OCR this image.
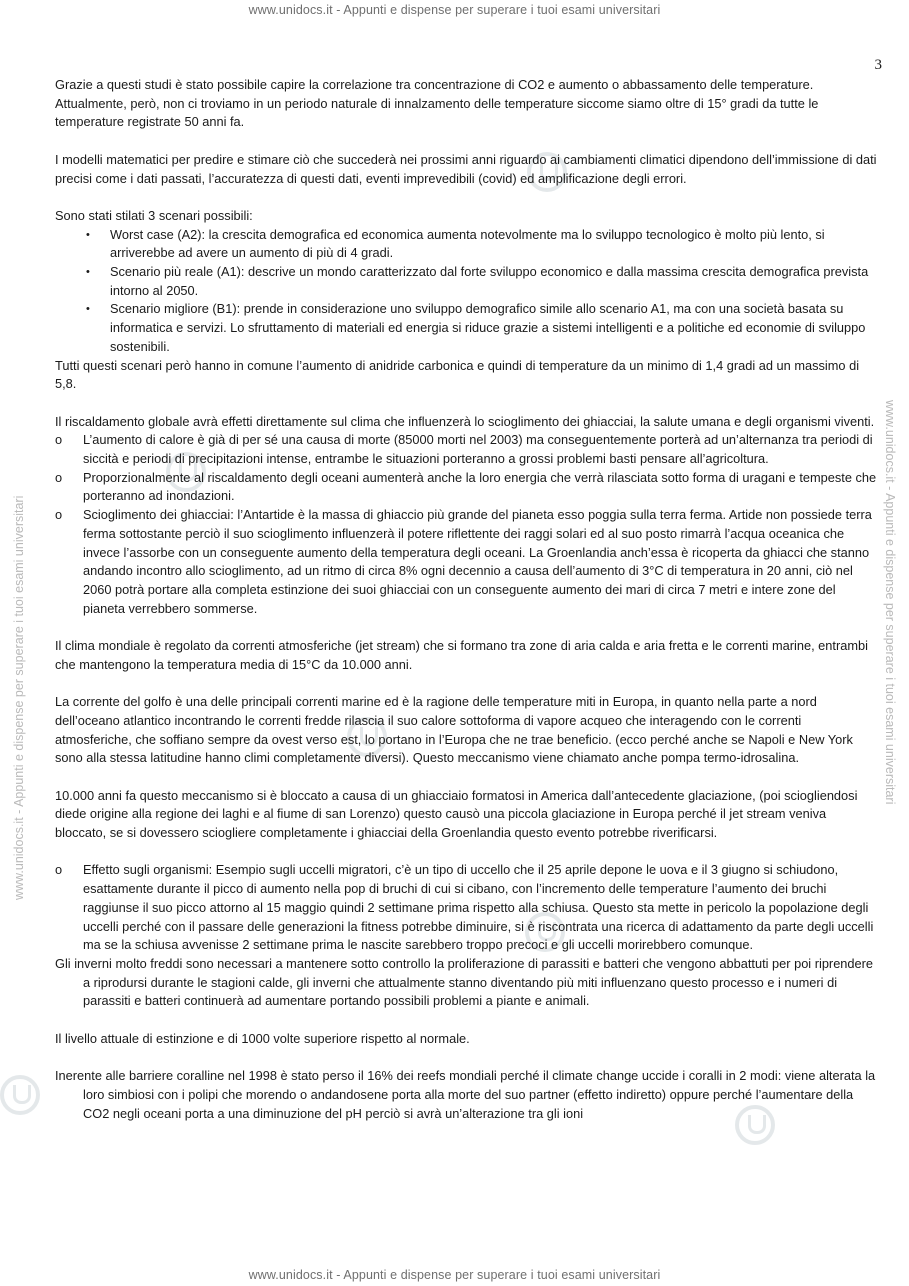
www.unidocs.it - Appunti e dispense per superare i tuoi esami universitari
www.unidocs.it - Appunti e dispense per superare i tuoi esami universitari
www.unidocs.it - Appunti e dispense per superare i tuoi esami universitari	www.unidocs.it - Appunti e dispense per superare i tuoi esami universitari
3

Grazie a questi studi è stato possibile capire la correlazione tra concentrazione di CO2 e aumento o abbassamento delle temperature. Attualmente, però, non ci troviamo in un periodo naturale di innalzamento delle temperature siccome siamo oltre di 15° gradi da tutte le temperature registrate 50 anni fa.

I modelli matematici per predire e stimare ciò che succederà nei prossimi anni riguardo ai cambiamenti climatici dipendono dell’immissione di dati precisi come i dati passati, l’accuratezza di questi dati, eventi imprevedibili (covid) ed amplificazione degli errori.

Sono stati stilati 3 scenari possibili:

• Worst case (A2): la crescita demografica ed economica aumenta notevolmente ma lo sviluppo tecnologico è molto più lento, si arriverebbe ad avere un aumento di più di 4 gradi.
• Scenario più reale (A1): descrive un mondo caratterizzato dal forte sviluppo economico e dalla massima crescita demografica prevista intorno al 2050.
• Scenario migliore (B1): prende in considerazione uno sviluppo demografico simile allo scenario A1, ma con una società basata su informatica e servizi. Lo sfruttamento di materiali ed energia si riduce grazie a sistemi intelligenti e a politiche ed economie di sviluppo sostenibili.

Tutti questi scenari però hanno in comune l’aumento di anidride carbonica e quindi di temperature da un minimo di 1,4 gradi ad un massimo di 5,8.

Il riscaldamento globale avrà effetti direttamente sul clima che influenzerà lo scioglimento dei ghiacciai, la salute umana e degli organismi viventi.

o L’aumento di calore è già di per sé una causa di morte (85000 morti nel 2003) ma conseguentemente porterà ad un’alternanza tra periodi di siccità e periodi di precipitazioni intense, entrambe le situazioni porteranno a grossi problemi basti pensare all’agricoltura.
o Proporzionalmente al riscaldamento degli oceani aumenterà anche la loro energia che verrà rilasciata sotto forma di uragani e tempeste che porteranno ad inondazioni.
o Scioglimento dei ghiacciai: l’Antartide è la massa di ghiaccio più grande del pianeta esso poggia sulla terra ferma. Artide non possiede terra ferma sottostante perciò il suo scioglimento influenzerà il potere riflettente dei raggi solari ed al suo posto rimarrà l’acqua oceanica che invece l’assorbe con un conseguente aumento della temperatura degli oceani. La Groenlandia anch’essa è ricoperta da ghiacci che stanno andando incontro allo scioglimento, ad un ritmo di circa 8% ogni decennio a causa dell’aumento di 3°C di temperatura in 20 anni, ciò nel 2060 potrà portare alla completa estinzione dei suoi ghiacciai con un conseguente aumento dei mari di circa 7 metri e intere zone del pianeta verrebbero sommerse.

Il clima mondiale è regolato da correnti atmosferiche (jet stream) che si formano tra zone di aria calda e aria fretta e le correnti marine, entrambi che mantengono la temperatura media di 15°C da 10.000 anni.

La corrente del golfo è una delle principali correnti marine ed è la ragione delle temperature miti in Europa, in quanto nella parte a nord dell’oceano atlantico incontrando le correnti fredde rilascia il suo calore sottoforma di vapore acqueo che interagendo con le correnti atmosferiche, che soffiano sempre da ovest verso est, lo portano in l’Europa che ne trae beneficio. (ecco perché anche se Napoli e New York sono alla stessa latitudine hanno climi completamente diversi). Questo meccanismo viene chiamato anche pompa termo-idrosalina.

10.000 anni fa questo meccanismo si è bloccato a causa di un ghiacciaio formatosi in America dall’antecedente glaciazione, (poi sciogliendosi diede origine alla regione dei laghi e al fiume di san Lorenzo) questo causò una piccola glaciazione in Europa perché il jet stream veniva bloccato, se si dovessero sciogliere completamente i ghiacciai della Groenlandia questo evento potrebbe riverificarsi.

o Effetto sugli organismi: Esempio sugli uccelli migratori, c’è un tipo di uccello che il 25 aprile depone le uova e il 3 giugno si schiudono, esattamente durante il picco di aumento nella pop di bruchi di cui si cibano, con l’incremento delle temperature l’aumento dei bruchi raggiunse il suo picco attorno al 15 maggio quindi 2 settimane prima rispetto alla schiusa. Questo sta mette in pericolo la popolazione degli uccelli perché con il passare delle generazioni la fitness potrebbe diminuire, si è riscontrata una ricerca di adattamento da parte degli uccelli ma se la schiusa avvenisse 2 settimane prima le nascite sarebbero troppo precoci e gli uccelli morirebbero comunque.

Gli inverni molto freddi sono necessari a mantenere sotto controllo la proliferazione di parassiti e batteri che vengono abbattuti per poi riprendere a riprodursi durante le stagioni calde, gli inverni che attualmente stanno diventando più miti influenzano questo processo e i numeri di parassiti e batteri continuerà ad aumentare portando possibili problemi a piante e animali.

Il livello attuale di estinzione e di 1000 volte superiore rispetto al normale.

Inerente alle barriere coralline nel 1998 è stato perso il 16% dei reefs mondiali perché il climate change uccide i coralli in 2 modi: viene alterata la loro simbiosi con i polipi che morendo o andandosene porta alla morte del suo partner (effetto indiretto) oppure perché l’aumentare della CO2 negli oceani porta a una diminuzione del pH perciò si avrà un’alterazione tra gli ioni
